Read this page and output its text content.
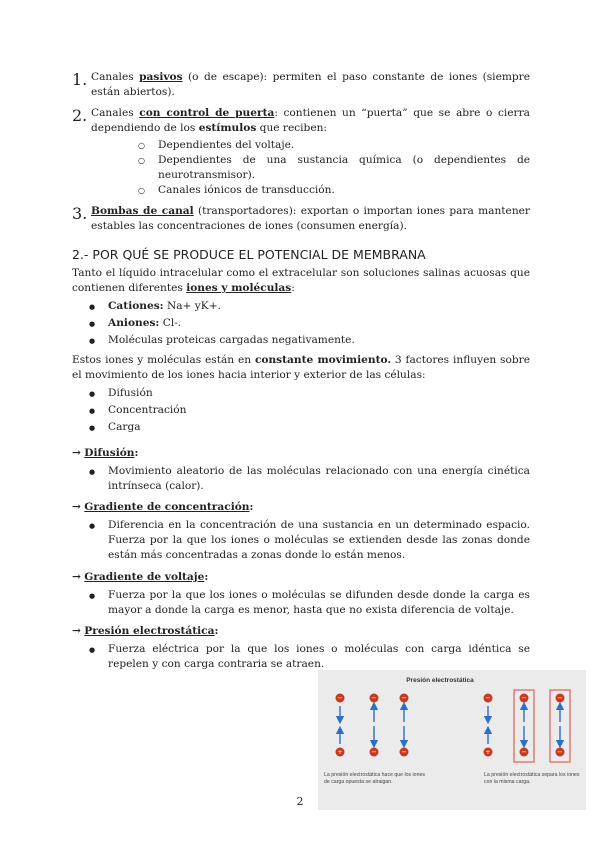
1. Canales pasivos (o de escape): permiten el paso constante de iones (siempre están abiertos).

2. Canales con control de puerta: contienen un “puerta” que se abre o cierra dependiendo de los estímulos que reciben:

○ Dependientes del voltaje.
○ Dependientes de una sustancia química (o dependientes de neurotransmisor).
○ Canales iónicos de transducción.
3. Bombas de canal (transportadores): exportan o importan iones para mantener estables las concentraciones de iones (consumen energía).

2.- POR QUÉ SE PRODUCE EL POTENCIAL DE MEMBRANA

Tanto el líquido intracelular como el extracelular son soluciones salinas acuosas que contienen diferentes iones y moléculas:

● Cationes: Na+ yK+.
● Aniones: Cl-.
● Moléculas proteicas cargadas negativamente.

Estos iones y moléculas están en constante movimiento. 3 factores influyen sobre el movimiento de los iones hacia interior y exterior de las células:

● Difusión
● Concentración
● Carga

→ Difusión:

● Movimiento aleatorio de las moléculas relacionado con una energía cinética intrínseca (calor).

→ Gradiente de concentración:

● Diferencia en la concentración de una sustancia en un determinado espacio. Fuerza por la que los iones o moléculas se extienden desde las zonas donde están más concentradas a zonas donde lo están menos.

→ Gradiente de voltaje:

● Fuerza por la que los iones o moléculas se difunden desde donde la carga es mayor a donde la carga es menor, hasta que no exista diferencia de voltaje.

→ Presión electrostática:

● Fuerza eléctrica por la que los iones o moléculas con carga idéntica se repelen y con carga contraria se atraen.
Presión electrostática
−
+
−
−
−
−
−
+
−
−
−
−
La presión electrostática hace que los iones de carga opuesta se atraigan.
La presión electrostática separa los iones con la misma carga.
2
